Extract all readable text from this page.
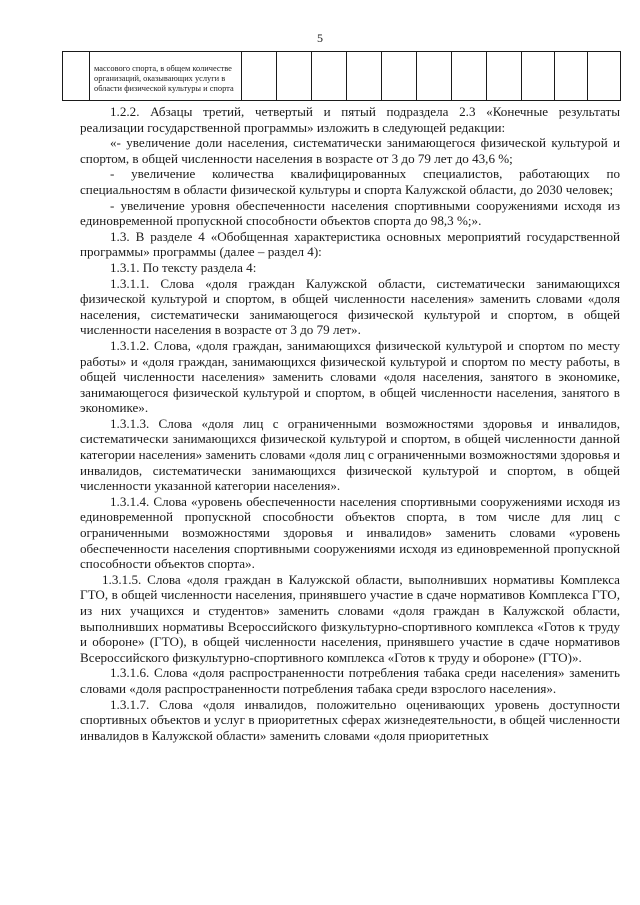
5

массового спорта, в общем количестве
организаций, оказывающих услуги в
области физической культуры и спорта

1.2.2. Абзацы третий, четвертый и пятый подраздела 2.3 «Конечные результаты реализации государственной программы» изложить в следующей редакции:

«- увеличение доли населения, систематически занимающегося физической культурой и спортом, в общей численности населения в возрасте от 3 до 79 лет до 43,6 %;

- увеличение количества квалифицированных специалистов, работающих по специальностям в области физической культуры и спорта Калужской области, до 2030 человек;

- увеличение уровня обеспеченности населения спортивными сооружениями исходя из единовременной пропускной способности объектов спорта до 98,3 %;».

1.3. В разделе 4 «Обобщенная характеристика основных мероприятий государственной программы» программы (далее – раздел 4):

1.3.1. По тексту раздела 4:

1.3.1.1. Слова «доля граждан Калужской области, систематически занимающихся физической культурой и спортом, в общей численности населения» заменить словами «доля населения, систематически занимающегося физической культурой и спортом, в общей численности населения в возрасте от 3 до 79 лет».

1.3.1.2. Слова, «доля граждан, занимающихся физической культурой и спортом по месту работы» и «доля граждан, занимающихся физической культурой и спортом по месту работы, в общей численности населения» заменить словами «доля населения, занятого в экономике, занимающегося физической культурой и спортом, в общей численности населения, занятого в экономике».

1.3.1.3. Слова «доля лиц с ограниченными возможностями здоровья и инвалидов, систематически занимающихся физической культурой и спортом, в общей численности данной категории населения» заменить словами «доля лиц с ограниченными возможностями здоровья и инвалидов, систематически занимающихся физической культурой и спортом, в общей численности указанной категории населения».

1.3.1.4. Слова «уровень обеспеченности населения спортивными сооружениями исходя из единовременной пропускной способности объектов спорта, в том числе для лиц с ограниченными возможностями здоровья и инвалидов» заменить словами «уровень обеспеченности населения спортивными сооружениями исходя из единовременной пропускной способности объектов спорта».

1.3.1.5. Слова «доля граждан в Калужской области, выполнивших нормативы Комплекса ГТО, в общей численности населения, принявшего участие в сдаче нормативов Комплекса ГТО, из них учащихся и студентов» заменить словами «доля граждан в Калужской области, выполнивших нормативы Всероссийского физкультурно-спортивного комплекса «Готов к труду и обороне» (ГТО), в общей численности населения, принявшего участие в сдаче нормативов Всероссийского физкультурно-спортивного комплекса «Готов к труду и обороне» (ГТО)».

1.3.1.6. Слова «доля распространенности потребления табака среди населения» заменить словами «доля распространенности потребления табака среди взрослого населения».

1.3.1.7. Слова «доля инвалидов, положительно оценивающих уровень доступности спортивных объектов и услуг в приоритетных сферах жизнедеятельности, в общей численности инвалидов в Калужской области» заменить словами «доля приоритетных
